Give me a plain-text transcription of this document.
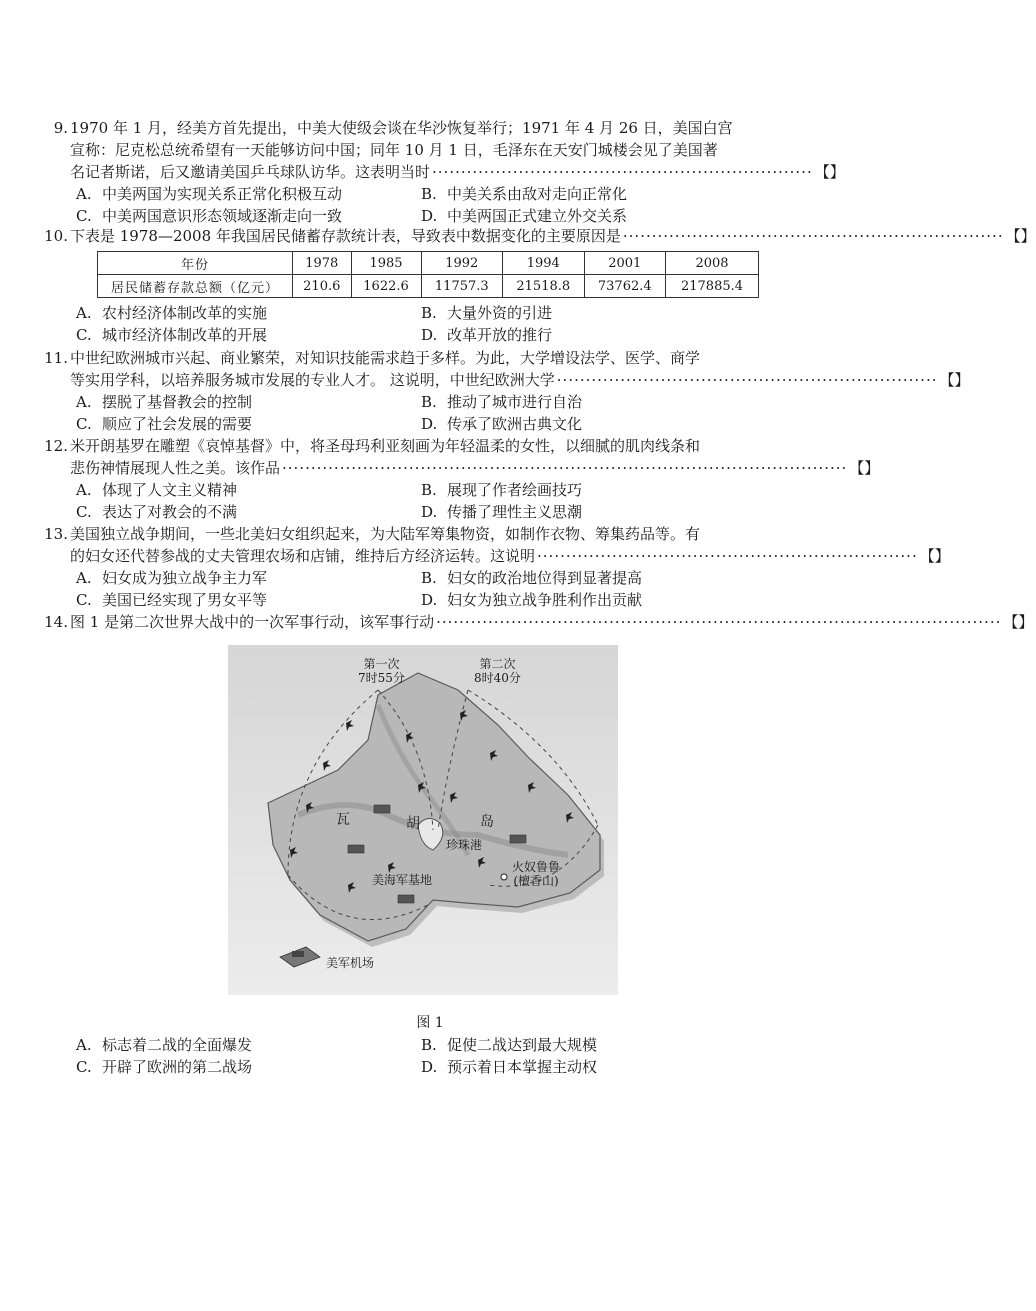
9. 1970 年 1 月，经美方首先提出，中美大使级会谈在华沙恢复举行；1971 年 4 月 26 日，美国白宫
宣称：尼克松总统希望有一天能够访问中国；同年 10 月 1 日，毛泽东在天安门城楼会见了美国著
名记者斯诺，后又邀请美国乒乓球队访华。这表明当时 ·································································· 【 】
A. 中美两国为实现关系正常化积极互动	B. 中美关系由敌对走向正常化
C. 中美两国意识形态领域逐渐走向一致	D. 中美两国正式建立外交关系
10. 下表是 1978—2008 年我国居民储蓄存款统计表，导致表中数据变化的主要原因是 ·································································· 【 】
年份	1978	1985	1992	1994	2001	2008
居民储蓄存款总额（亿元）	210.6	1622.6	11757.3	21518.8	73762.4	217885.4
A. 农村经济体制改革的实施	B. 大量外资的引进
C. 城市经济体制改革的开展	D. 改革开放的推行
11. 中世纪欧洲城市兴起、商业繁荣，对知识技能需求趋于多样。为此，大学增设法学、医学、商学
等实用学科，以培养服务城市发展的专业人才。 这说明，中世纪欧洲大学 ·································································· 【 】
A. 摆脱了基督教会的控制	B. 推动了城市进行自治
C. 顺应了社会发展的需要	D. 传承了欧洲古典文化
12. 米开朗基罗在雕塑《哀悼基督》中，将圣母玛利亚刻画为年轻温柔的女性，以细腻的肌肉线条和
悲伤神情展现人性之美。该作品 ·································································································· 【 】
A. 体现了人文主义精神	B. 展现了作者绘画技巧
C. 表达了对教会的不满	D. 传播了理性主义思潮
13. 美国独立战争期间，一些北美妇女组织起来，为大陆军筹集物资，如制作衣物、筹集药品等。有
的妇女还代替参战的丈夫管理农场和店铺，维持后方经济运转。这说明 ·································································· 【 】
A. 妇女成为独立战争主力军	B. 妇女的政治地位得到显著提高
C. 美国已经实现了男女平等	D. 妇女为独立战争胜利作出贡献
14. 图 1 是第二次世界大战中的一次军事行动，该军事行动 ·································································································· 【 】
第一次
7时55分
第二次
8时40分
瓦	胡	岛
珍珠港
美海军基地
火奴鲁鲁
(檀香山)
美军机场
图 1
A. 标志着二战的全面爆发	B. 促使二战达到最大规模
C. 开辟了欧洲的第二战场	D. 预示着日本掌握主动权
